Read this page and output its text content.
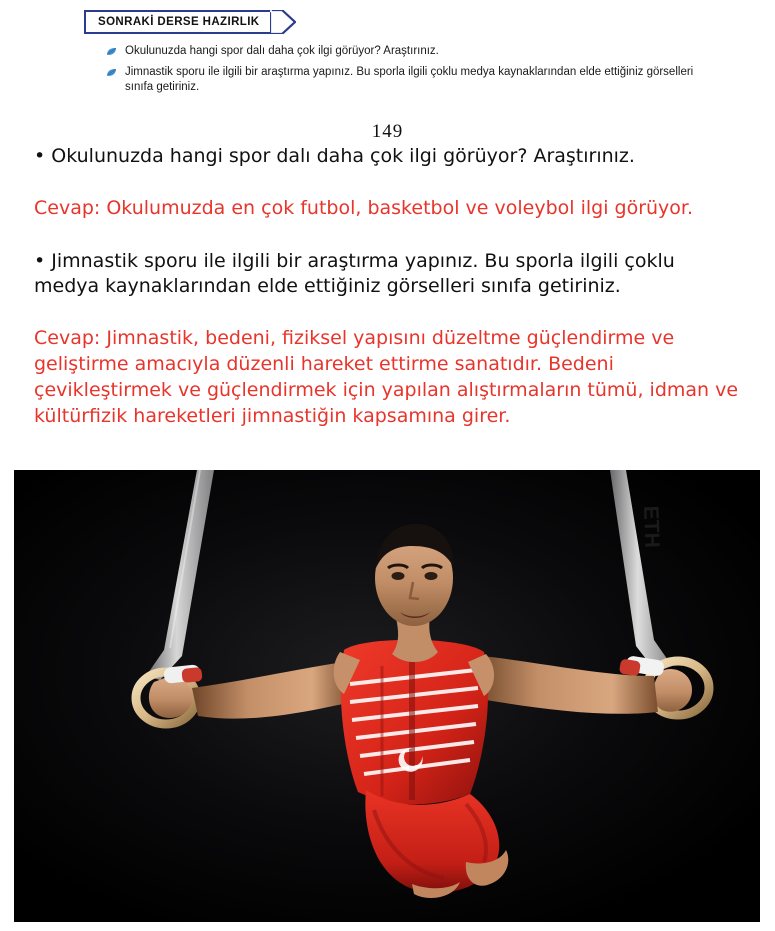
SONRAKİ DERSE HAZIRLIK
Okulunuzda hangi spor dalı daha çok ilgi görüyor? Araştırınız.
Jimnastik sporu ile ilgili bir araştırma yapınız. Bu sporla ilgili çoklu medya kaynaklarından elde ettiğiniz görselleri sınıfa getiriniz.
149

• Okulunuzda hangi spor dalı daha çok ilgi görüyor? Araştırınız.

Cevap: Okulumuzda en çok futbol, basketbol ve voleybol ilgi görüyor.

• Jimnastik sporu ile ilgili bir araştırma yapınız. Bu sporla ilgili çoklu medya kaynaklarından elde ettiğiniz görselleri sınıfa getiriniz.

Cevap: Jimnastik, bedeni, fiziksel yapısını düzeltme güçlendirme ve geliştirme amacıyla düzenli hareket ettirme sanatıdır. Bedeni çevikleştirmek ve güçlendirmek için yapılan alıştırmaların tümü, idman ve kültürfizik hareketleri jimnastiğin kapsamına girer.

ETH
